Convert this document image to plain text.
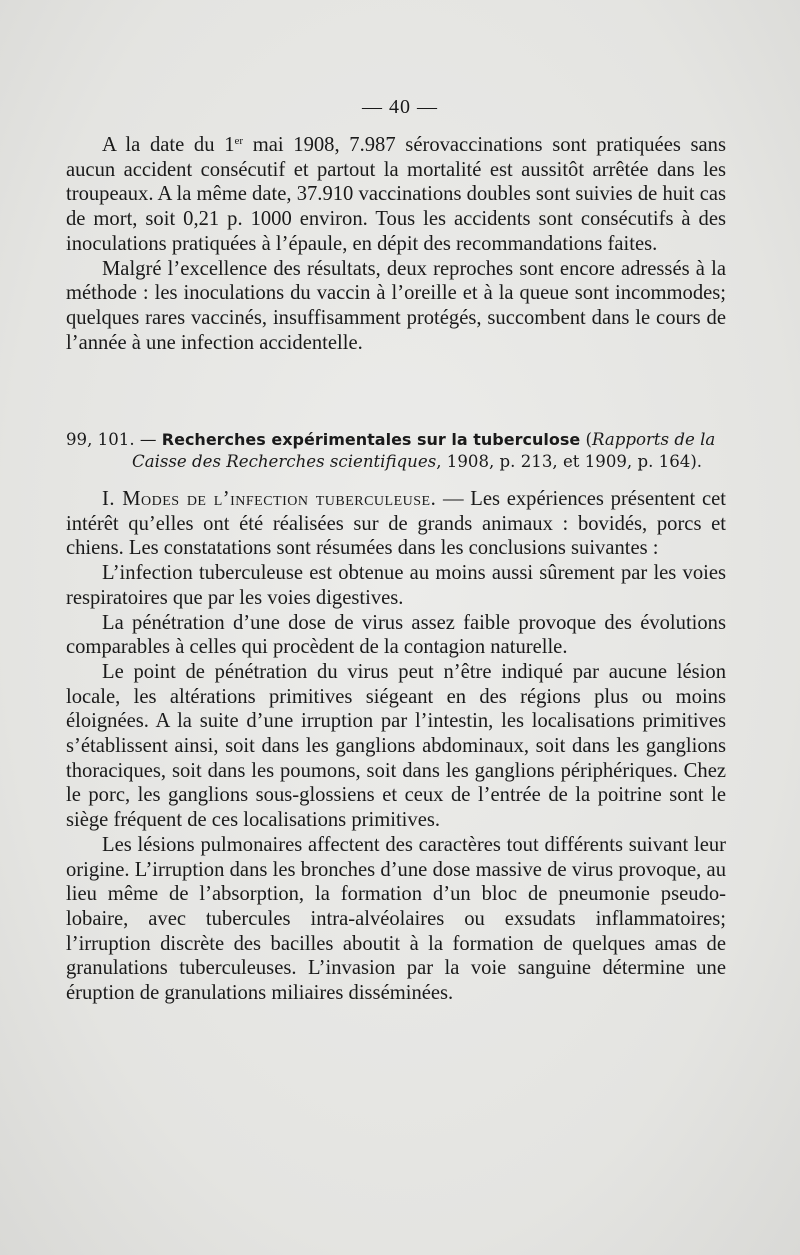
— 40 —

A la date du 1er mai 1908, 7.987 sérovaccinations sont pratiquées sans aucun accident consécutif et partout la mortalité est aussitôt arrêtée dans les troupeaux. A la même date, 37.910 vaccinations doubles sont suivies de huit cas de mort, soit 0,21 p. 1000 environ. Tous les accidents sont consécutifs à des inoculations pratiquées à l’épaule, en dépit des recommandations faites.

Malgré l’excellence des résultats, deux reproches sont encore adressés à la méthode : les inoculations du vaccin à l’oreille et à la queue sont incommodes; quelques rares vaccinés, insuffisamment protégés, succombent dans le cours de l’année à une infection accidentelle.

99, 101. — Recherches expérimentales sur la tuberculose (Rapports de la
Caisse des Recherches scientifiques, 1908, p. 213, et 1909, p. 164).

I. Modes de l’infection tuberculeuse. — Les expériences présentent cet intérêt qu’elles ont été réalisées sur de grands animaux : bovidés, porcs et chiens. Les constatations sont résumées dans les conclusions suivantes :

L’infection tuberculeuse est obtenue au moins aussi sûrement par les voies respiratoires que par les voies digestives.

La pénétration d’une dose de virus assez faible provoque des évolutions comparables à celles qui procèdent de la contagion naturelle.

Le point de pénétration du virus peut n’être indiqué par aucune lésion locale, les altérations primitives siégeant en des régions plus ou moins éloignées. A la suite d’une irruption par l’intestin, les localisations primitives s’établissent ainsi, soit dans les ganglions abdominaux, soit dans les ganglions thoraciques, soit dans les poumons, soit dans les ganglions périphériques. Chez le porc, les ganglions sous-glossiens et ceux de l’entrée de la poitrine sont le siège fréquent de ces localisations primitives.

Les lésions pulmonaires affectent des caractères tout différents suivant leur origine. L’irruption dans les bronches d’une dose massive de virus provoque, au lieu même de l’absorption, la formation d’un bloc de pneumonie pseudo-lobaire, avec tubercules intra-alvéolaires ou exsudats inflammatoires; l’irruption discrète des bacilles aboutit à la formation de quelques amas de granulations tuberculeuses. L’invasion par la voie sanguine détermine une éruption de granulations miliaires disséminées.
